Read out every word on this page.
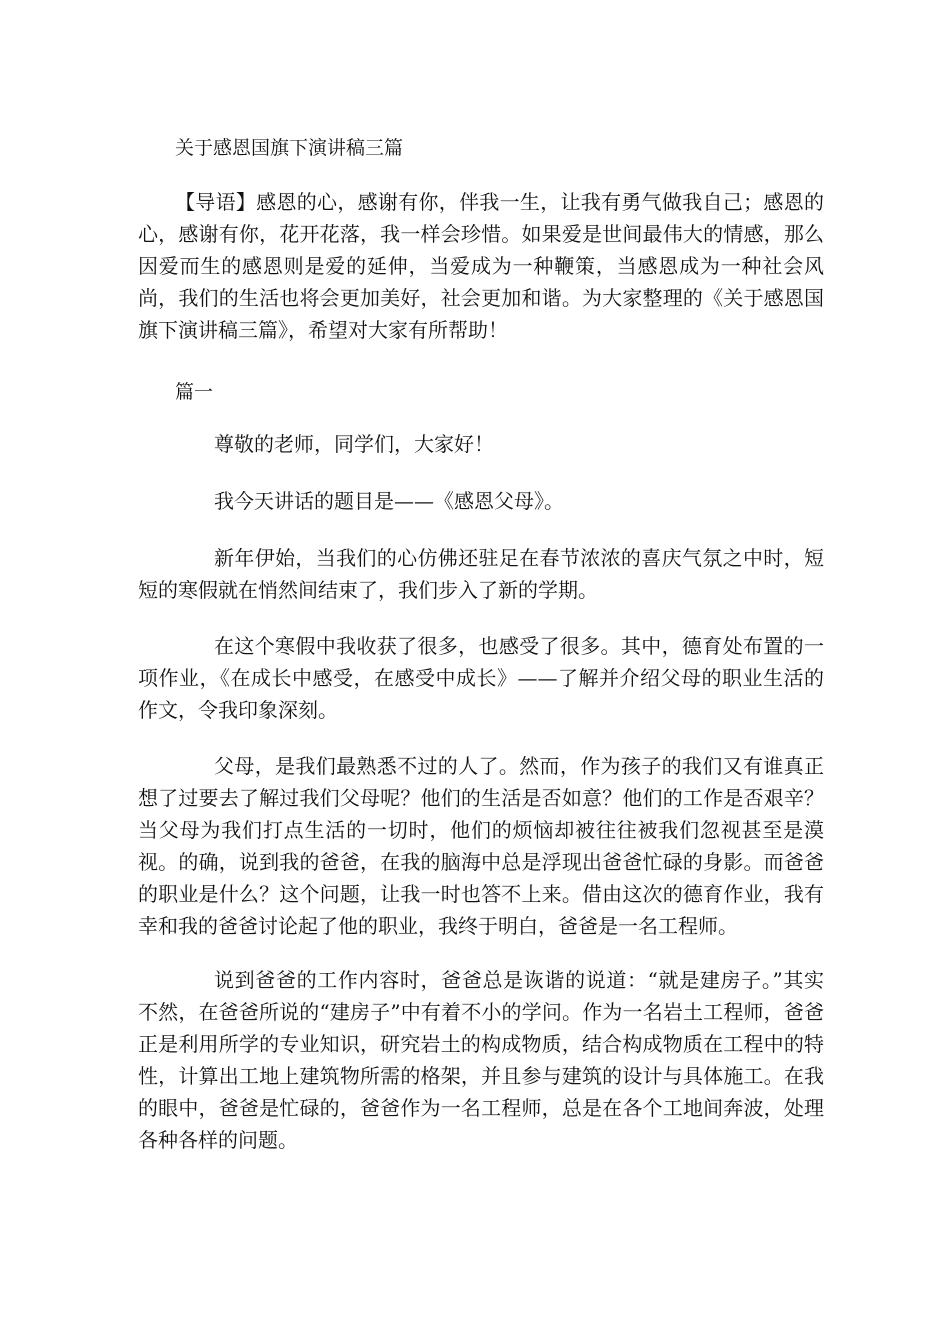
关于感恩国旗下演讲稿三篇

【导语】感恩的心，感谢有你，伴我一生，让我有勇气做我自己；感恩的心，感谢有你，花开花落，我一样会珍惜。如果爱是世间最伟大的情感，那么因爱而生的感恩则是爱的延伸，当爱成为一种鞭策，当感恩成为一种社会风尚，我们的生活也将会更加美好，社会更加和谐。为大家整理的《关于感恩国旗下演讲稿三篇》，希望对大家有所帮助！

篇一

尊敬的老师，同学们，大家好！

我今天讲话的题目是——《感恩父母》。

新年伊始，当我们的心仿佛还驻足在春节浓浓的喜庆气氛之中时，短短的寒假就在悄然间结束了，我们步入了新的学期。

在这个寒假中我收获了很多，也感受了很多。其中，德育处布置的一项作业，《在成长中感受，在感受中成长》——了解并介绍父母的职业生活的作文，令我印象深刻。

父母，是我们最熟悉不过的人了。然而，作为孩子的我们又有谁真正想了过要去了解过我们父母呢？他们的生活是否如意？他们的工作是否艰辛？当父母为我们打点生活的一切时，他们的烦恼却被往往被我们忽视甚至是漠视。的确，说到我的爸爸，在我的脑海中总是浮现出爸爸忙碌的身影。而爸爸的职业是什么？这个问题，让我一时也答不上来。借由这次的德育作业，我有幸和我的爸爸讨论起了他的职业，我终于明白，爸爸是一名工程师。

说到爸爸的工作内容时，爸爸总是诙谐的说道：“就是建房子。”其实不然，在爸爸所说的“建房子”中有着不小的学问。作为一名岩土工程师，爸爸正是利用所学的专业知识，研究岩土的构成物质，结合构成物质在工程中的特性，计算出工地上建筑物所需的格架，并且参与建筑的设计与具体施工。在我的眼中，爸爸是忙碌的，爸爸作为一名工程师，总是在各个工地间奔波，处理各种各样的问题。
